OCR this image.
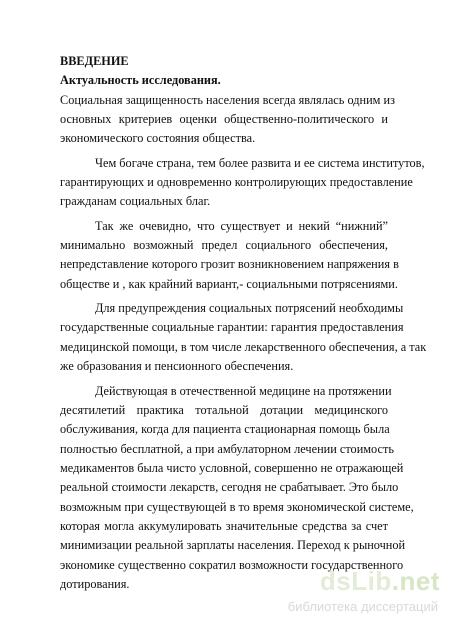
ВВЕДЕНИЕ
Актуальность исследования.
Социальная защищенность населения всегда являлась одним из
основных критериев оценки общественно-политического и
экономического состояния общества.
Чем богаче страна, тем более развита и ее система институтов,
гарантирующих и одновременно контролирующих предоставление
гражданам социальных благ.
Так же очевидно, что существует и некий “нижний”
минимально возможный предел социального обеспечения,
непредставление которого грозит возникновением напряжения в
обществе и , как крайний вариант,- социальными потрясениями.
Для предупреждения социальных потрясений необходимы
государственные социальные гарантии: гарантия предоставления
медицинской помощи, в том числе лекарственного обеспечения, а так
же образования и пенсионного обеспечения.
Действующая в отечественной медицине на протяжении
десятилетий практика тотальной дотации медицинского
обслуживания, когда для пациента стационарная помощь была
полностью бесплатной, а при амбулаторном лечении стоимость
медикаментов была чисто условной, совершенно не отражающей
реальной стоимости лекарств, сегодня не срабатывает. Это было
возможным при существующей в то время экономической системе,
которая могла аккумулировать значительные средства за счет
минимизации реальной зарплаты населения. Переход к рыночной
экономике существенно сократил возможности государственного
дотирования.	dsLib.net
библиотека диссертаций
